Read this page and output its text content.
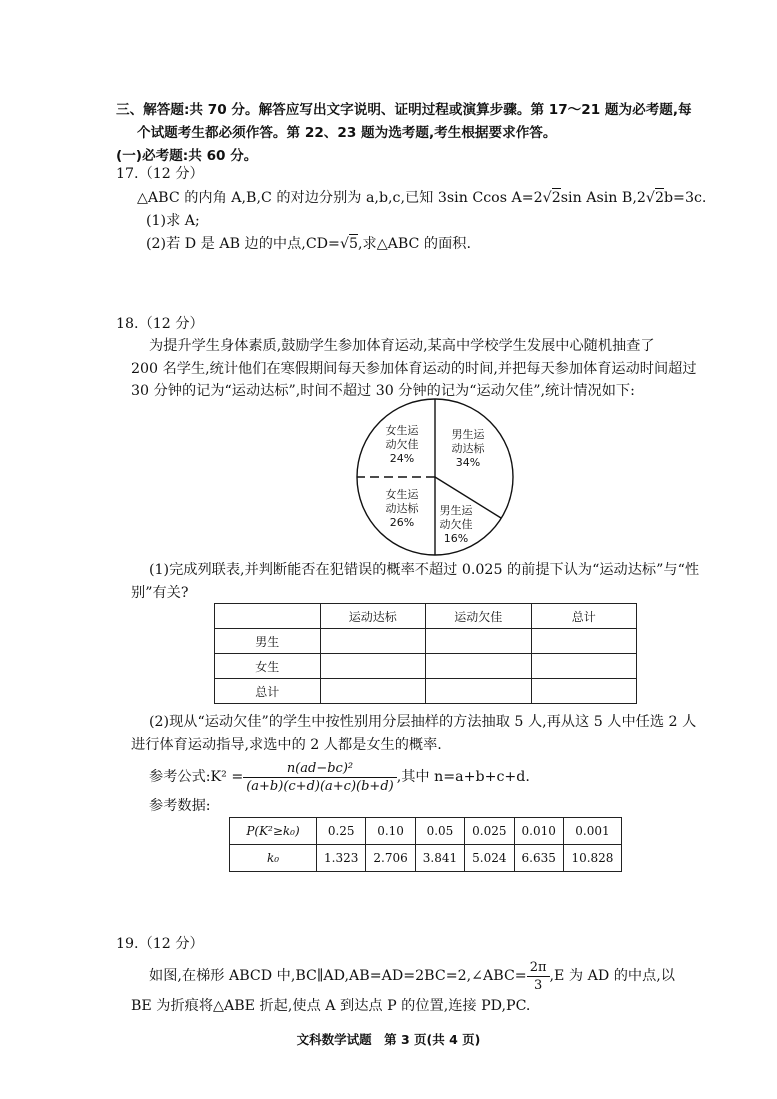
三、解答题:共 70 分。解答应写出文字说明、证明过程或演算步骤。第 17～21 题为必考题,每
个试题考生都必须作答。第 22、23 题为选考题,考生根据要求作答。
(一)必考题:共 60 分。
17.（12 分）
△ABC 的内角 A,B,C 的对边分别为 a,b,c,已知 3sin Ccos A=2√2sin Asin B,2√2b=3c.
(1)求 A;
(2)若 D 是 AB 边的中点,CD=√5,求△ABC 的面积.
18.（12 分）
为提升学生身体素质,鼓励学生参加体育运动,某高中学校学生发展中心随机抽查了
200 名学生,统计他们在寒假期间每天参加体育运动的时间,并把每天参加体育运动时间超过
30 分钟的记为“运动达标”,时间不超过 30 分钟的记为“运动欠佳”,统计情况如下:
女生运
动欠佳
24%
男生运
动达标
34%
男生运
动欠佳
16%
女生运
动达标
26%
(1)完成列联表,并判断能否在犯错误的概率不超过 0.025 的前提下认为“运动达标”与“性
别”有关?
	运动达标	运动欠佳	总计
男生			
女生			
总计			
(2)现从“运动欠佳”的学生中按性别用分层抽样的方法抽取 5 人,再从这 5 人中任选 2 人
进行体育运动指导,求选中的 2 人都是女生的概率.
参考公式:K² = $\frac{\text{n(ad−bc)²}}{(a+b)(c+d)(a+c)(b+d)}$ ,其中 n=a+b+c+d.
参考数据:
P(K²≥k₀)	0.25	0.10	0.05	0.025	0.010	0.001
k₀	1.323	2.706	3.841	5.024	6.635	10.828
19.（12 分）
如图,在梯形 ABCD 中,BC∥AD,AB=AD=2BC=2,∠ABC= $\frac{2\pi}{3} ,E$ 为 AD 的中点,以
BE 为折痕将△ABE 折起,使点 A 到达点 P 的位置,连接 PD,PC.
文科数学试题　第 3 页(共 4 页)
